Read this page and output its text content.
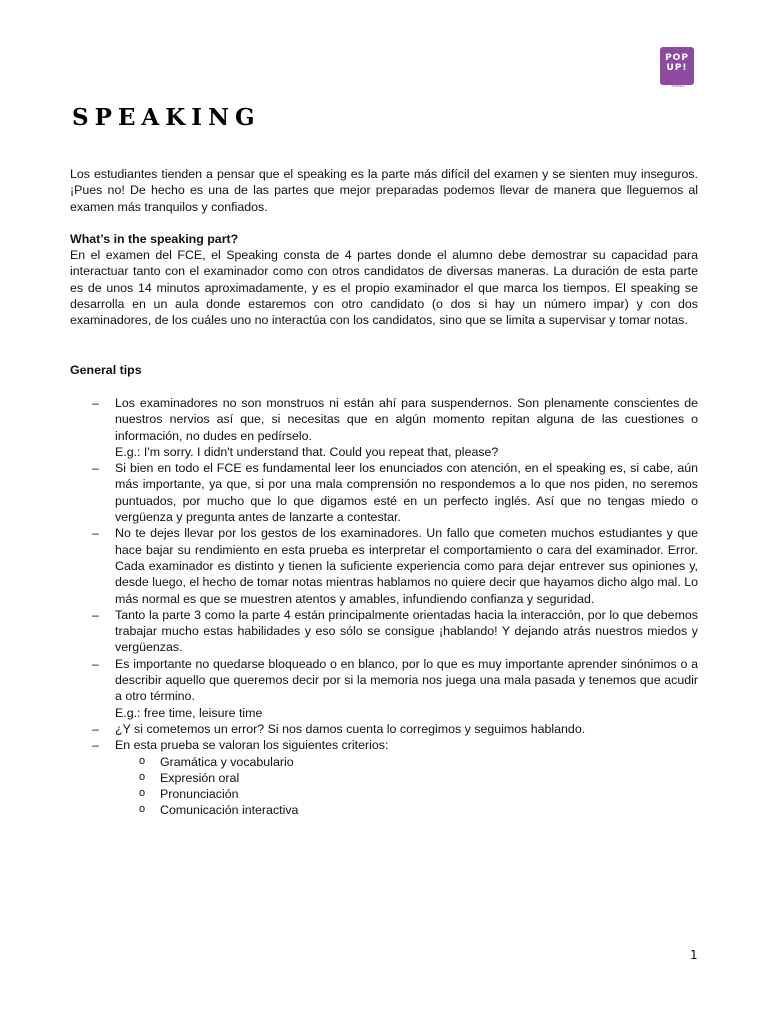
POP
UP!
IDIOMAS
SPEAKING

Los estudiantes tienden a pensar que el speaking es la parte más difícil del examen y se sienten muy inseguros. ¡Pues no! De hecho es una de las partes que mejor preparadas podemos llevar de manera que lleguemos al examen más tranquilos y confiados.

What’s in the speaking part?

En el examen del FCE, el Speaking consta de 4 partes donde el alumno debe demostrar su capacidad para interactuar tanto con el examinador como con otros candidatos de diversas maneras. La duración de esta parte es de unos 14 minutos aproximadamente, y es el propio examinador el que marca los tiempos. El speaking se desarrolla en un aula donde estaremos con otro candidato (o dos si hay un número impar) y con dos examinadores, de los cuáles uno no interactúa con los candidatos, sino que se limita a supervisar y tomar notas.

General tips

– Los examinadores no son monstruos ni están ahí para suspendernos. Son plenamente conscientes de nuestros nervios así que, si necesitas que en algún momento repitan alguna de las cuestiones o información, no dudes en pedírselo.
E.g.: I'm sorry. I didn't understand that. Could you repeat that, please?
– Si bien en todo el FCE es fundamental leer los enunciados con atención, en el speaking es, si cabe, aún más importante, ya que, si por una mala comprensión no respondemos a lo que nos piden, no seremos puntuados, por mucho que lo que digamos esté en un perfecto inglés. Así que no tengas miedo o vergüenza y pregunta antes de lanzarte a contestar.
– No te dejes llevar por los gestos de los examinadores. Un fallo que cometen muchos estudiantes y que hace bajar su rendimiento en esta prueba es interpretar el comportamiento o cara del examinador. Error. Cada examinador es distinto y tienen la suficiente experiencia como para dejar entrever sus opiniones y, desde luego, el hecho de tomar notas mientras hablamos no quiere decir que hayamos dicho algo mal. Lo más normal es que se muestren atentos y amables, infundiendo confianza y seguridad.
– Tanto la parte 3 como la parte 4 están principalmente orientadas hacia la interacción, por lo que debemos trabajar mucho estas habilidades y eso sólo se consigue ¡hablando! Y dejando atrás nuestros miedos y vergüenzas.
– Es importante no quedarse bloqueado o en blanco, por lo que es muy importante aprender sinónimos o a describir aquello que queremos decir por si la memoria nos juega una mala pasada y tenemos que acudir a otro término.
E.g.: free time, leisure time
– ¿Y si cometemos un error? Si nos damos cuenta lo corregimos y seguimos hablando.
– En esta prueba se valoran los siguientes criterios:
o Gramática y vocabulario
o Expresión oral
o Pronunciación
o Comunicación interactiva
1
